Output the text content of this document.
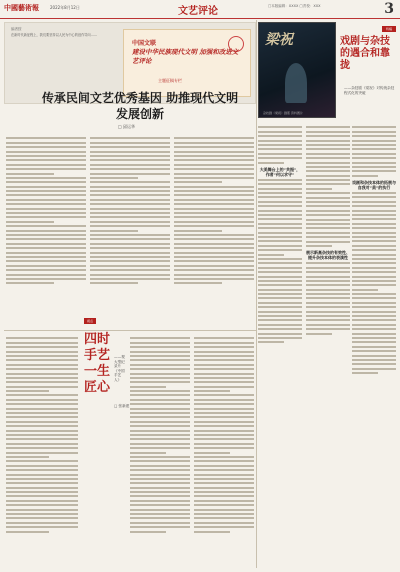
中國藝術報	2022年8月12日	文艺评论	□本版编辑：XXXX □责校：XXX	3
编者按
在新时代新征程上，我们要坚持以人民为中心的创作导向……
中国文联
建设中华民族现代文明 加强和改进文艺评论
主题征稿专栏
传承民间文艺优秀基因 助推现代文明发展创新
□ 邱运华
梁祝
杂技剧《梁祝》剧照 资料图片
特稿
戏剧与杂技的遇合和靠拢
——杂技剧《梁祝》对传统杂技程式化的突破
大美舞台上的“共振”，作者“何以求守”
展示新高杂技的有效性、提升杂技本体的表演性
戏剧和杂技本体的拓展与自我对“美”的执行
视点
四时手艺一生匠心
——观大型纪录片《中国手艺人》
□ 张新建
